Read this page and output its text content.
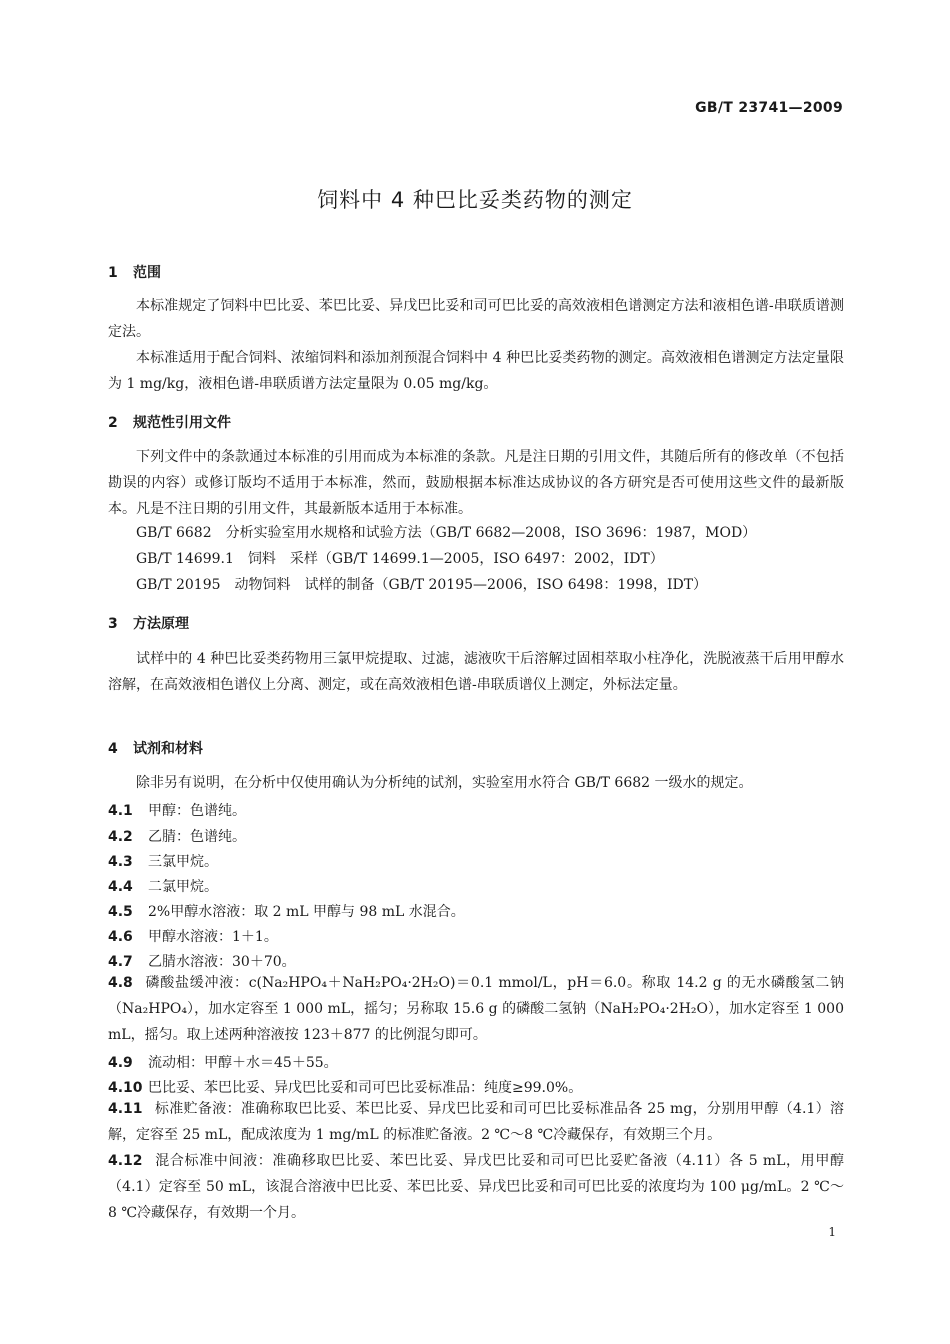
GB/T 23741—2009
饲料中 4 种巴比妥类药物的测定
1 范围
本标准规定了饲料中巴比妥、苯巴比妥、异戊巴比妥和司可巴比妥的高效液相色谱测定方法和液相色谱-串联质谱测定法。
本标准适用于配合饲料、浓缩饲料和添加剂预混合饲料中 4 种巴比妥类药物的测定。高效液相色谱测定方法定量限为 1 mg/kg，液相色谱-串联质谱方法定量限为 0.05 mg/kg。
2 规范性引用文件
下列文件中的条款通过本标准的引用而成为本标准的条款。凡是注日期的引用文件，其随后所有的修改单（不包括勘误的内容）或修订版均不适用于本标准，然而，鼓励根据本标准达成协议的各方研究是否可使用这些文件的最新版本。凡是不注日期的引用文件，其最新版本适用于本标准。
GB/T 6682　分析实验室用水规格和试验方法（GB/T 6682—2008，ISO 3696：1987，MOD）
GB/T 14699.1　饲料　采样（GB/T 14699.1—2005，ISO 6497：2002，IDT）
GB/T 20195　动物饲料　试样的制备（GB/T 20195—2006，ISO 6498：1998，IDT）
3 方法原理
试样中的 4 种巴比妥类药物用三氯甲烷提取、过滤，滤液吹干后溶解过固相萃取小柱净化，洗脱液蒸干后用甲醇水溶解，在高效液相色谱仪上分离、测定，或在高效液相色谱-串联质谱仪上测定，外标法定量。
4 试剂和材料
除非另有说明，在分析中仅使用确认为分析纯的试剂，实验室用水符合 GB/T 6682 一级水的规定。
4.1 甲醇：色谱纯。
4.2 乙腈：色谱纯。
4.3 三氯甲烷。
4.4 二氯甲烷。
4.5 2%甲醇水溶液：取 2 mL 甲醇与 98 mL 水混合。
4.6 甲醇水溶液：1＋1。
4.7 乙腈水溶液：30＋70。
4.8 磷酸盐缓冲液：c(Na₂HPO₄＋NaH₂PO₄·2H₂O)＝0.1 mmol/L，pH＝6.0。称取 14.2 g 的无水磷酸氢二钠（Na₂HPO₄），加水定容至 1 000 mL，摇匀；另称取 15.6 g 的磷酸二氢钠（NaH₂PO₄·2H₂O），加水定容至 1 000 mL，摇匀。取上述两种溶液按 123＋877 的比例混匀即可。
4.9 流动相：甲醇＋水＝45＋55。
4.10 巴比妥、苯巴比妥、异戊巴比妥和司可巴比妥标准品：纯度≥99.0%。
4.11 标准贮备液：准确称取巴比妥、苯巴比妥、异戊巴比妥和司可巴比妥标准品各 25 mg，分别用甲醇（4.1）溶解，定容至 25 mL，配成浓度为 1 mg/mL 的标准贮备液。2 ℃～8 ℃冷藏保存，有效期三个月。
4.12 混合标准中间液：准确移取巴比妥、苯巴比妥、异戊巴比妥和司可巴比妥贮备液（4.11）各 5 mL，用甲醇（4.1）定容至 50 mL，该混合溶液中巴比妥、苯巴比妥、异戊巴比妥和司可巴比妥的浓度均为 100 μg/mL。2 ℃～8 ℃冷藏保存，有效期一个月。
1
